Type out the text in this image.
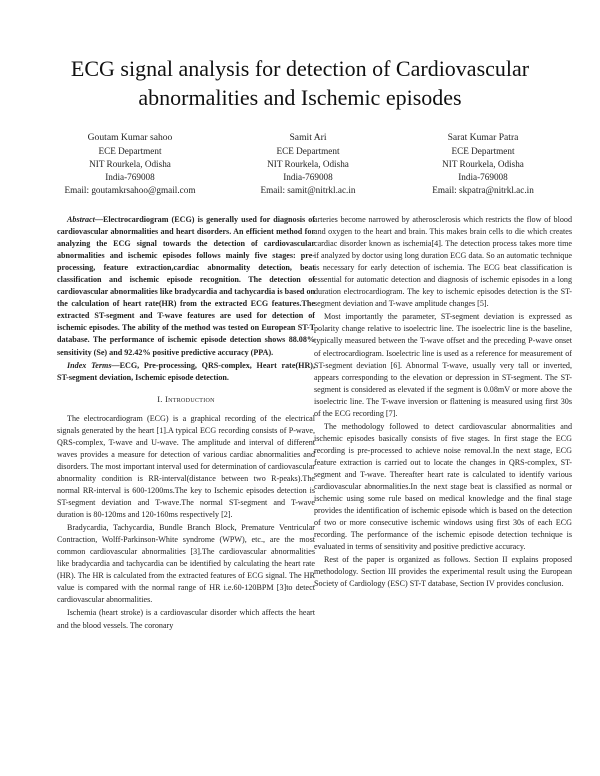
ECG signal analysis for detection of Cardiovascular abnormalities and Ischemic episodes
Goutam Kumar sahoo
ECE Department
NIT Rourkela, Odisha
India-769008
Email: goutamkrsahoo@gmail.com
Samit Ari
ECE Department
NIT Rourkela, Odisha
India-769008
Email: samit@nitrkl.ac.in
Sarat Kumar Patra
ECE Department
NIT Rourkela, Odisha
India-769008
Email: skpatra@nitrkl.ac.in

Abstract—Electrocardiogram (ECG) is generally used for diagnosis of cardiovascular abnormalities and heart disorders. An efficient method for analyzing the ECG signal towards the detection of cardiovascular abnormalities and ischemic episodes follows mainly five stages: pre-processing, feature extraction,cardiac abnormality detection, beat classification and ischemic episode recognition. The detection of cardiovascular abnormalities like bradycardia and tachycardia is based on the calculation of heart rate(HR) from the extracted ECG features.The extracted ST-segment and T-wave features are used for detection of ischemic episodes. The ability of the method was tested on European ST-T database. The performance of ischemic episode detection shows 88.08% sensitivity (Se) and 92.42% positive predictive accuracy (PPA).

Index Terms—ECG, Pre-processing, QRS-complex, Heart rate(HR), ST-segment deviation, Ischemic episode detection.

I. Introduction

The electrocardiogram (ECG) is a graphical recording of the electrical signals generated by the heart [1].A typical ECG recording consists of P-wave, QRS-complex, T-wave and U-wave. The amplitude and interval of different waves provides a measure for detection of various cardiac abnormalities and disorders. The most important interval used for determination of cardiovascular abnormality condition is RR-interval(distance between two R-peaks).The normal RR-interval is 600-1200ms.The key to Ischemic episodes detection is ST-segment deviation and T-wave.The normal ST-segment and T-wave duration is 80-120ms and 120-160ms respectively [2].

Bradycardia, Tachycardia, Bundle Branch Block, Premature Ventricular Contraction, Wolff-Parkinson-White syndrome (WPW), etc., are the most common cardiovascular abnormalities [3].The cardiovascular abnormalities like bradycardia and tachycardia can be identified by calculating the heart rate (HR). The HR is calculated from the extracted features of ECG signal. The HR value is compared with the normal range of HR i.e.60-120BPM [3]to detect cardiovascular abnormalities.

Ischemia (heart stroke) is a cardiovascular disorder which affects the heart and the blood vessels. The coronary

arteries become narrowed by atherosclerosis which restricts the flow of blood and oxygen to the heart and brain. This makes brain cells to die which creates cardiac disorder known as ischemia[4]. The detection process takes more time if analyzed by doctor using long duration ECG data. So an automatic technique is necessary for early detection of ischemia. The ECG beat classification is essential for automatic detection and diagnosis of ischemic episodes in a long duration electrocardiogram. The key to ischemic episodes detection is the ST-segment deviation and T-wave amplitude changes [5].

Most importantly the parameter, ST-segment deviation is expressed as polarity change relative to isoelectric line. The isoelectric line is the baseline, typically measured between the T-wave offset and the preceding P-wave onset of electrocardiogram. Isoelectric line is used as a reference for measurement of ST-segment deviation [6]. Abnormal T-wave, usually very tall or inverted, appears corresponding to the elevation or depression in ST-segment. The ST-segment is considered as elevated if the segment is 0.08mV or more above the isoelectric line. The T-wave inversion or flattening is measured using first 30s of the ECG recording [7].

The methodology followed to detect cardiovascular abnormalities and ischemic episodes basically consists of five stages. In first stage the ECG recording is pre-processed to achieve noise removal.In the next stage, ECG feature extraction is carried out to locate the changes in QRS-complex, ST-segment and T-wave. Thereafter heart rate is calculated to identify various cardiovascular abnormalities.In the next stage beat is classified as normal or ischemic using some rule based on medical knowledge and the final stage provides the identification of ischemic episode which is based on the detection of two or more consecutive ischemic windows using first 30s of each ECG recording. The performance of the ischemic episode detection technique is evaluated in terms of sensitivity and positive predictive accuracy.

Rest of the paper is organized as follows. Section II explains proposed methodology. Section III provides the experimental result using the European Society of Cardiology (ESC) ST-T database, Section IV provides conclusion.
